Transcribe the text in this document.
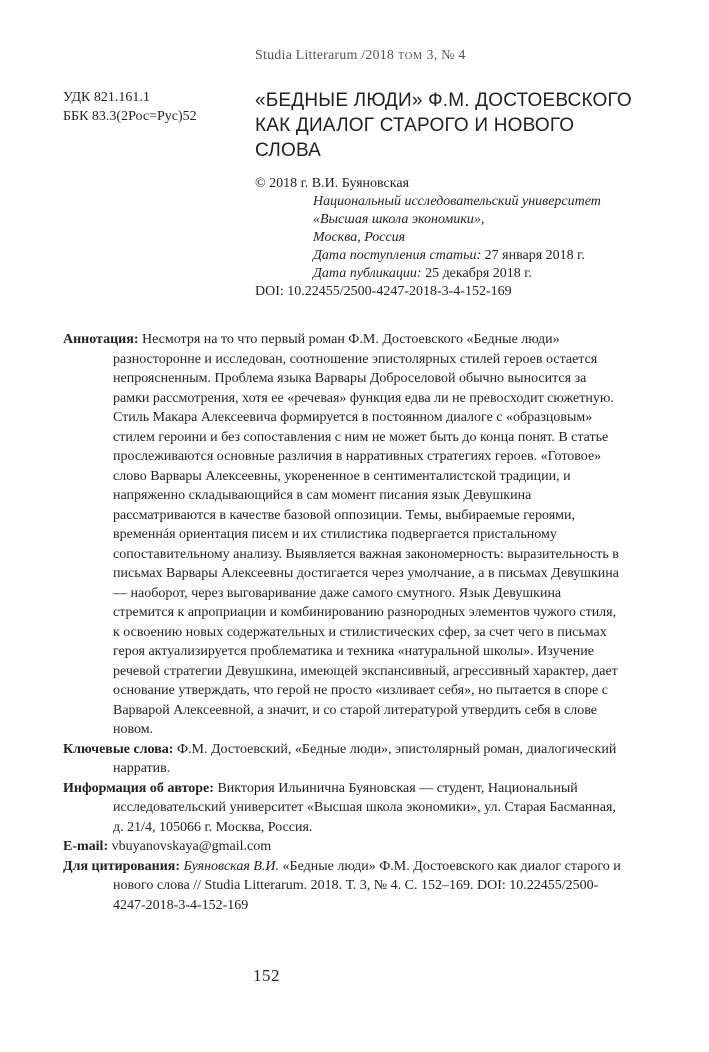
Studia Litterarum /2018 ТОМ 3, № 4
УДК 821.161.1
ББК 83.3(2Рос=Рус)52
«БЕДНЫЕ ЛЮДИ» Ф.М. ДОСТОЕВСКОГО
КАК ДИАЛОГ СТАРОГО И НОВОГО
СЛОВА
© 2018 г. В.И. Буяновская
Национальный исследовательский университет
«Высшая школа экономики»,
Москва, Россия
Дата поступления статьи: 27 января 2018 г.
Дата публикации: 25 декабря 2018 г.
DOI: 10.22455/2500-4247-2018-3-4-152-169

Аннотация: Несмотря на то что первый роман Ф.М. Достоевского «Бедные люди» разносторонне и исследован, соотношение эпистолярных стилей героев остается непроясненным. Проблема языка Варвары Доброселовой обычно выносится за рамки рассмотрения, хотя ее «речевая» функция едва ли не превосходит сюжетную. Стиль Макара Алексеевича формируется в постоянном диалоге с «образцовым» стилем героини и без сопоставления с ним не может быть до конца понят. В статье прослеживаются основные различия в нарративных стратегиях героев. «Готовое» слово Варвары Алексеевны, укорененное в сентименталистской традиции, и напряженно складывающийся в сам момент писания язык Девушкина рассматриваются в качестве базовой оппозиции. Темы, выбираемые героями, временнáя ориентация писем и их стилистика подвергается пристальному сопоставительному анализу. Выявляется важная закономерность: выразительность в письмах Варвары Алексеевны достигается через умолчание, а в письмах Девушкина — наоборот, через выговаривание даже самого смутного. Язык Девушкина стремится к апроприации и комбинированию разнородных элементов чужого стиля, к освоению новых содержательных и стилистических сфер, за счет чего в письмах героя актуализируется проблематика и техника «натуральной школы». Изучение речевой стратегии Девушкина, имеющей экспансивный, агрессивный характер, дает основание утверждать, что герой не просто «изливает себя», но пытается в споре с Варварой Алексеевной, а значит, и со старой литературой утвердить себя в слове новом.

Ключевые слова: Ф.М. Достоевский, «Бедные люди», эпистолярный роман, диалогический нарратив.

Информация об авторе: Виктория Ильинична Буяновская — студент, Национальный исследовательский университет «Высшая школа экономики», ул. Старая Басманная, д. 21/4, 105066 г. Москва, Россия.

E-mail: vbuyanovskaya@gmail.com

Для цитирования: Буяновская В.И. «Бедные люди» Ф.М. Достоевского как диалог старого и нового слова // Studia Litterarum. 2018. Т. 3, № 4. С. 152–169. DOI: 10.22455/2500-4247-2018-3-4-152-169

152
